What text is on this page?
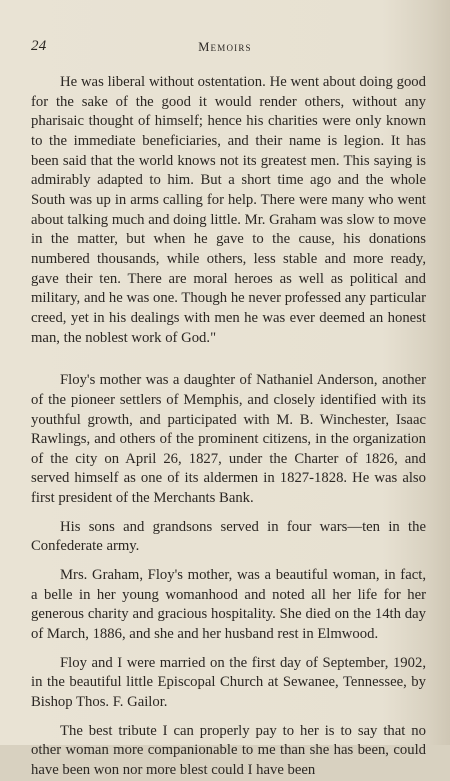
24	Memoirs

He was liberal without ostentation. He went about doing good for the sake of the good it would render others, without any pharisaic thought of himself; hence his charities were only known to the immediate beneficiaries, and their name is legion. It has been said that the world knows not its greatest men. This saying is admirably adapted to him. But a short time ago and the whole South was up in arms calling for help. There were many who went about talking much and doing little. Mr. Graham was slow to move in the matter, but when he gave to the cause, his donations numbered thousands, while others, less stable and more ready, gave their ten. There are moral heroes as well as political and military, and he was one. Though he never professed any particular creed, yet in his dealings with men he was ever deemed an honest man, the noblest work of God."

Floy's mother was a daughter of Nathaniel Anderson, another of the pioneer settlers of Memphis, and closely identified with its youthful growth, and participated with M. B. Winchester, Isaac Rawlings, and others of the prominent citizens, in the organization of the city on April 26, 1827, under the Charter of 1826, and served himself as one of its aldermen in 1827-1828. He was also first president of the Merchants Bank.

His sons and grandsons served in four wars—ten in the Confederate army.

Mrs. Graham, Floy's mother, was a beautiful woman, in fact, a belle in her young womanhood and noted all her life for her generous charity and gracious hospitality. She died on the 14th day of March, 1886, and she and her husband rest in Elmwood.

Floy and I were married on the first day of September, 1902, in the beautiful little Episcopal Church at Sewanee, Tennessee, by Bishop Thos. F. Gailor.

The best tribute I can properly pay to her is to say that no other woman more companionable to me than she has been, could have been won nor more blest could I have been
